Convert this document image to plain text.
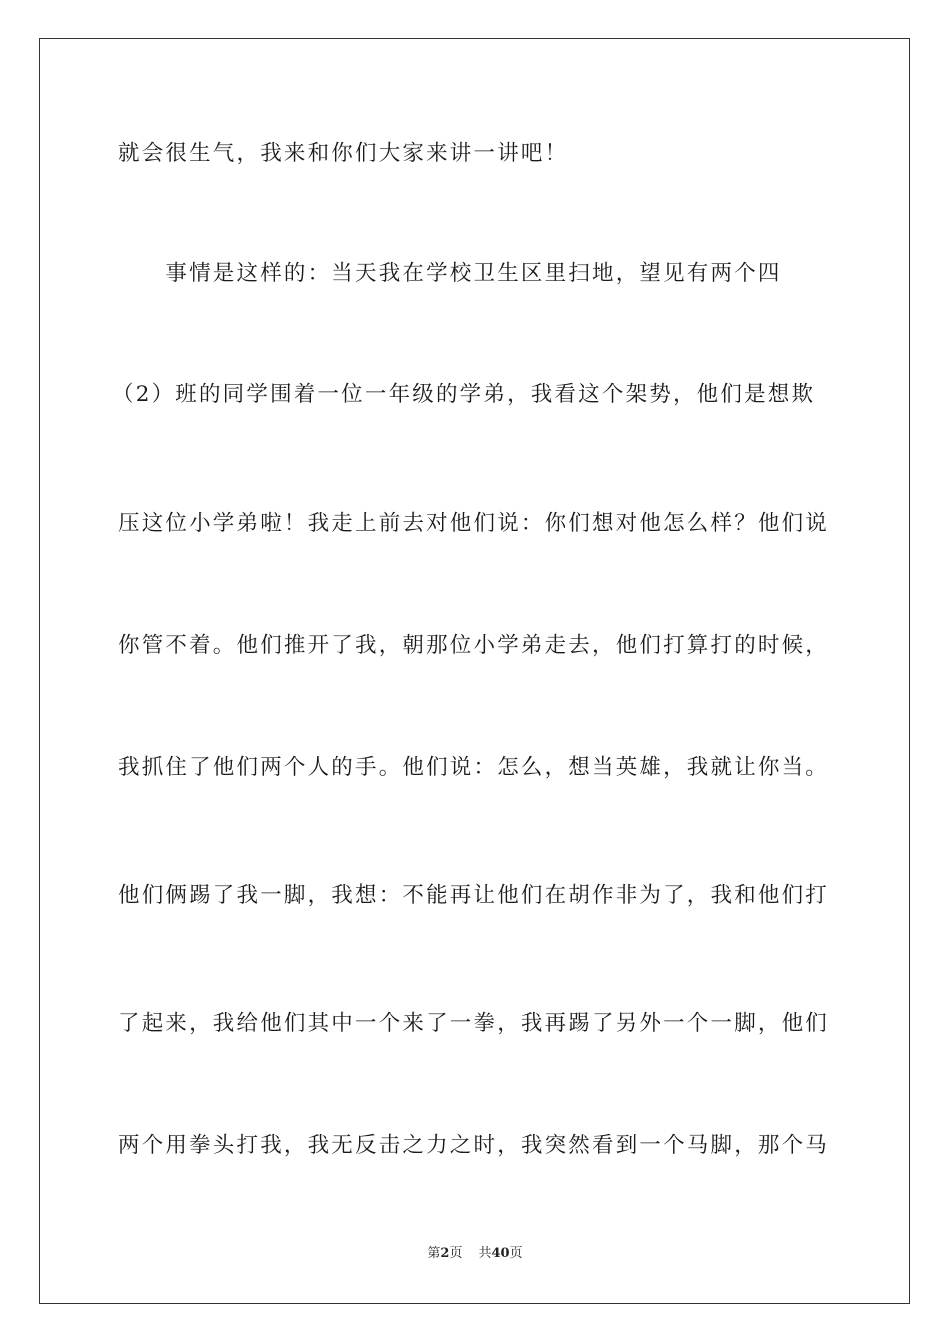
就会很生气，我来和你们大家来讲一讲吧！
　　事情是这样的：当天我在学校卫生区里扫地，望见有两个四
（2）班的同学围着一位一年级的学弟，我看这个架势，他们是想欺
压这位小学弟啦！我走上前去对他们说：你们想对他怎么样？他们说
你管不着。他们推开了我，朝那位小学弟走去，他们打算打的时候，
我抓住了他们两个人的手。他们说：怎么，想当英雄，我就让你当。
他们俩踢了我一脚，我想：不能再让他们在胡作非为了，我和他们打
了起来，我给他们其中一个来了一拳，我再踢了另外一个一脚，他们
两个用拳头打我，我无反击之力之时，我突然看到一个马脚，那个马
第2页 共40页
